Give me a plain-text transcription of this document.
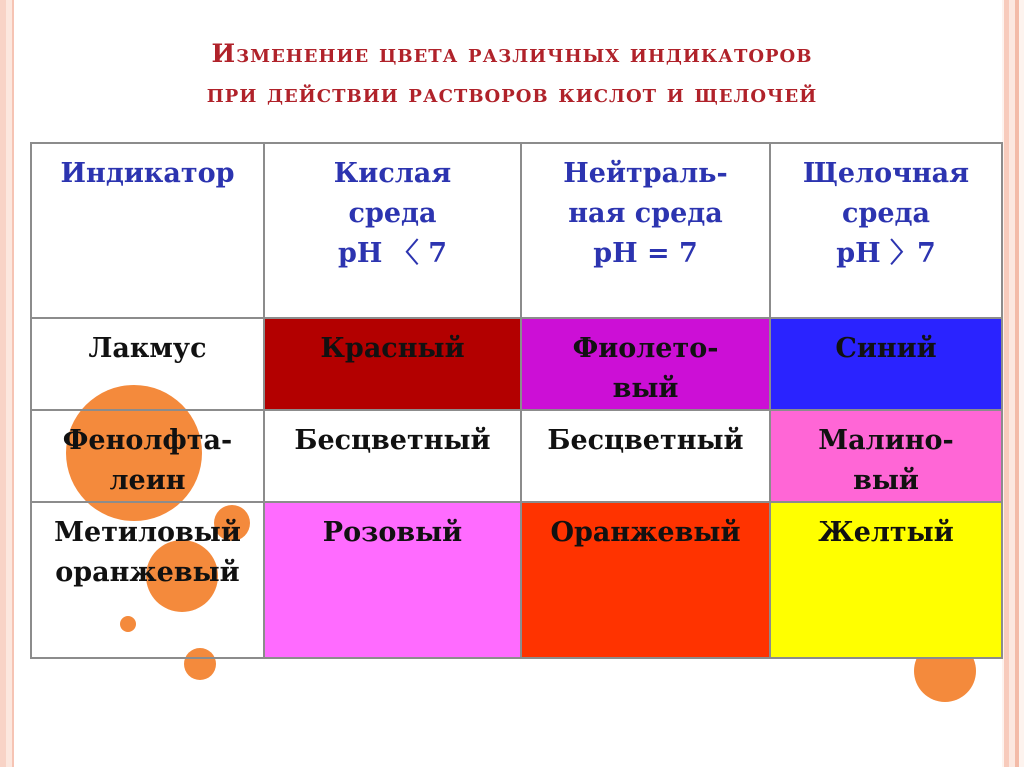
Изменение цвета различных индикаторов
при действии растворов кислот и щелочей
Индикатор	Кислая
среда
pH 〈 7	Нейтраль-
ная среда
pH = 7	Щелочная
среда
pH 〉7
Лакмус	Красный	Фиолето-
вый	Синий
Фенолфта-
леин	Бесцветный	Бесцветный	Малино-
вый
Метиловый
оранжевый	Розовый	Оранжевый	Желтый
